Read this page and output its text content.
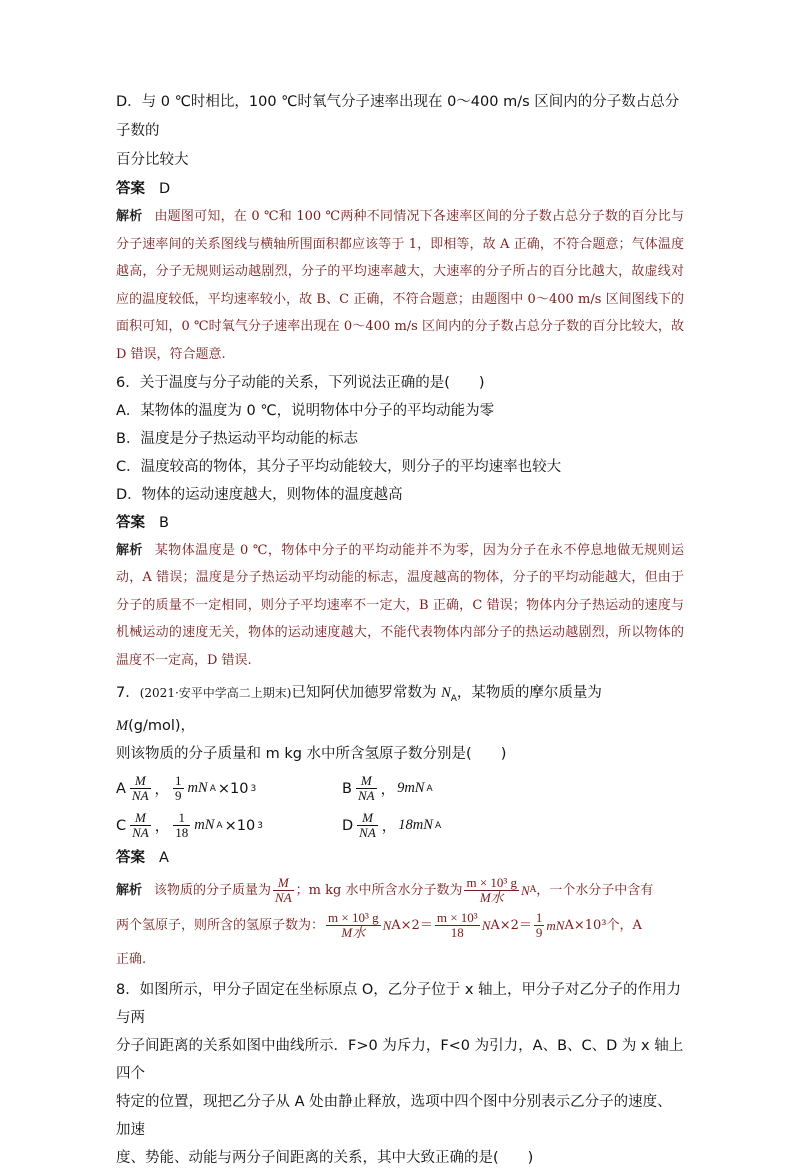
D．与 0 ℃时相比，100 ℃时氧气分子速率出现在 0～400 m/s 区间内的分子数占总分子数的

百分比较大

答案 D

解析 由题图可知，在 0 ℃和 100 ℃两种不同情况下各速率区间的分子数占总分子数的百分比与分子速率间的关系图线与横轴所围面积都应该等于 1，即相等，故 A 正确，不符合题意；气体温度越高，分子无规则运动越剧烈，分子的平均速率越大，大速率的分子所占的百分比越大，故虚线对应的温度较低，平均速率较小，故 B、C 正确，不符合题意；由题图中 0～400 m/s 区间图线下的面积可知，0 ℃时氧气分子速率出现在 0～400 m/s 区间内的分子数占总分子数的百分比较大，故 D 错误，符合题意.

6．关于温度与分子动能的关系，下列说法正确的是(　　)

A．某物体的温度为 0 ℃，说明物体中分子的平均动能为零

B．温度是分子热运动平均动能的标志

C．温度较高的物体，其分子平均动能较大，则分子的平均速率也较大

D．物体的运动速度越大，则物体的温度越高

答案 B

解析 某物体温度是 0 ℃，物体中分子的平均动能并不为零，因为分子在永不停息地做无规则运动，A 错误；温度是分子热运动平均动能的标志，温度越高的物体，分子的平均动能越大，但由于分子的质量不一定相同，则分子平均速率不一定大，B 正确，C 错误；物体内分子热运动的速度与机械运动的速度无关，物体的运动速度越大，不能代表物体内部分子的热运动越剧烈，所以物体的温度不一定高，D 错误.

7．(2021·安平中学高二上期末)已知阿伏加德罗常数为 $N_A$，某物质的摩尔质量为 M(g/mol)，

则该物质的分子质量和 m kg 水中所含氢原子数分别是(　　)

A $\frac{M}{NA}$ ， $\frac{1}{9}$ mN A ×10 3	B $\frac{M}{NA}$ ， 9mN A
C $\frac{M}{NA}$ ， $\frac{1}{18}$ mN A ×10 3	D $\frac{M}{NA}$ ， 18mN A

答案 A

解析 该物质的分子质量为 $\frac{M}{NA}$ ；m kg 水中所含水分子数为 $\frac{\text{m × 10³ g}}{\text{M水}}$ N A ，一个水分子中含有
两个氢原子，则所含的氢原子数为： $\frac{\text{m × 10³ g}}{\text{M水}}$ N $A\times 2= \frac{\text{m × 10³}}{18}$ N $A\times 2= \frac{1}{9}$ mN A×10³ 个，A

正确.

8．如图所示，甲分子固定在坐标原点 O，乙分子位于 x 轴上，甲分子对乙分子的作用力与两

分子间距离的关系如图中曲线所示．F>0 为斥力，F<0 为引力，A、B、C、D 为 x 轴上四个

特定的位置，现把乙分子从 A 处由静止释放，选项中四个图中分别表示乙分子的速度、加速

度、势能、动能与两分子间距离的关系，其中大致正确的是(　　)
